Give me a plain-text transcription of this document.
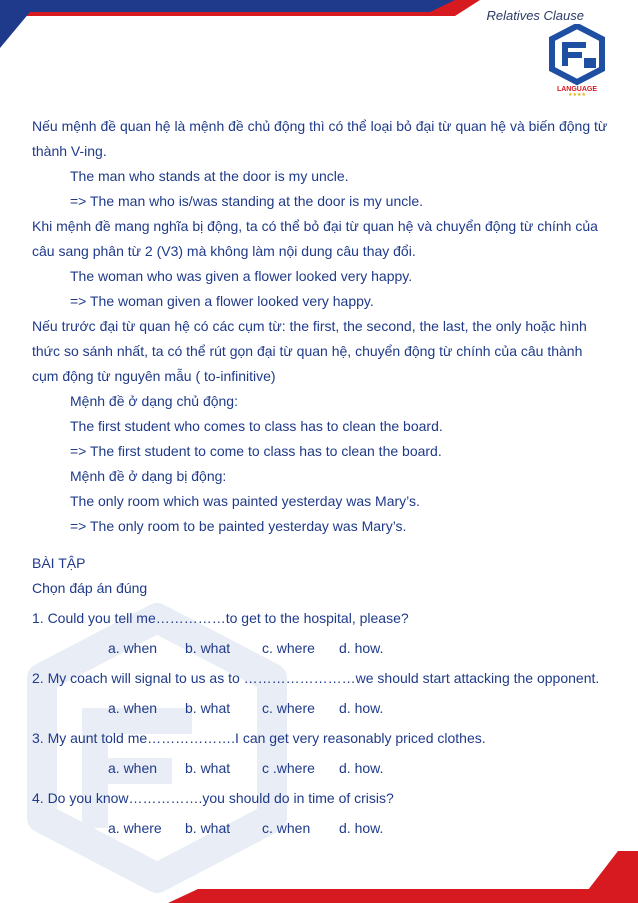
Relatives Clause
LANGUAGE
★★★★
Nếu mệnh đề quan hệ là mệnh đề chủ động thì có thể loại bỏ đại từ quan hệ và biến động từ
thành V-ing.
The man who stands at the door is my uncle.
=> The man who is/was standing at the door is my uncle.
Khi mệnh đề mang nghĩa bị động, ta có thể bỏ đại từ quan hệ và chuyển động từ chính của
câu sang phân từ 2 (V3) mà không làm nội dung câu thay đổi.
The woman who was given a flower looked very happy.
=> The woman given a flower looked very happy.
Nếu trước đại từ quan hệ có các cụm từ: the first, the second, the last, the only hoặc hình
thức so sánh nhất, ta có thể rút gọn đại từ quan hệ, chuyển động từ chính của câu thành
cụm động từ nguyên mẫu ( to-infinitive)
Mệnh đề ở dạng chủ động:
The first student who comes to class has to clean the board.
=> The first student to come to class has to clean the board.
Mệnh đề ở dạng bị động:
The only room which was painted yesterday was Mary’s.
=> The only room to be painted yesterday was Mary’s.
BÀI TẬP
Chọn đáp án đúng
1. Could you tell me……………to get to the hospital, please?
a. when	b. what	c. where	d. how.
2. My coach will signal to us as to ……………………we should start attacking the opponent.
a. when	b. what	c. where	d. how.
3. My aunt told me……………….I can get very reasonably priced clothes.
a. when	b. what	c .where	d. how.
4. Do you know…………….you should do in time of crisis?
a. where	b. what	c. when	d. how.
